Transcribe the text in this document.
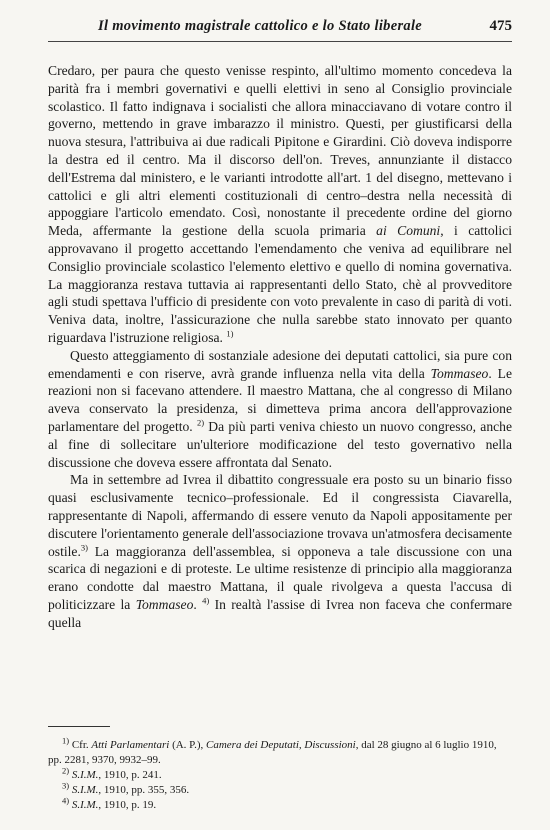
Il movimento magistrale cattolico e lo Stato liberale	475

Credaro, per paura che questo venisse respinto, all'ultimo momento concedeva la parità fra i membri governativi e quelli elettivi in seno al Consiglio provinciale scolastico. Il fatto indignava i socialisti che allora minacciavano di votare contro il governo, mettendo in grave imbarazzo il ministro. Questi, per giustificarsi della nuova stesura, l'attribuiva ai due radicali Pipitone e Girardini. Ciò doveva indisporre la destra ed il centro. Ma il discorso dell'on. Treves, annunziante il distacco dell'Estrema dal ministero, e le varianti introdotte all'art. 1 del disegno, mettevano i cattolici e gli altri elementi costituzionali di centro–destra nella necessità di appoggiare l'articolo emendato. Così, nonostante il precedente ordine del giorno Meda, affermante la gestione della scuola primaria ai Comuni, i cattolici approvavano il progetto accettando l'emendamento che veniva ad equilibrare nel Consiglio provinciale scolastico l'elemento elettivo e quello di nomina governativa. La maggioranza restava tuttavia ai rappresentanti dello Stato, chè al provveditore agli studi spettava l'ufficio di presidente con voto prevalente in caso di parità di voti. Veniva data, inoltre, l'assicurazione che nulla sarebbe stato innovato per quanto riguardava l'istruzione religiosa. $^{1)}$

Questo atteggiamento di sostanziale adesione dei deputati cattolici, sia pure con emendamenti e con riserve, avrà grande influenza nella vita della Tommaseo. Le reazioni non si facevano attendere. Il maestro Mattana, che al congresso di Milano aveva conservato la presidenza, si dimetteva prima ancora dell'approvazione parlamentare del progetto. $^{2)}$ Da più parti veniva chiesto un nuovo congresso, anche al fine di sollecitare un'ulteriore modificazione del testo governativo nella discussione che doveva essere affrontata dal Senato.

Ma in settembre ad Ivrea il dibattito congressuale era posto su un binario fisso quasi esclusivamente tecnico–professionale. Ed il congressista Ciavarella, rappresentante di Napoli, affermando di essere venuto da Napoli appositamente per discutere l'orientamento generale dell'associazione trovava un'atmosfera decisamente ostile.$^{3)}$ La maggioranza dell'assemblea, si opponeva a tale discussione con una scarica di negazioni e di proteste. Le ultime resistenze di principio alla maggioranza erano condotte dal maestro Mattana, il quale rivolgeva a questa l'accusa di politicizzare la Tommaseo. $^{4)}$ In realtà l'assise di Ivrea non faceva che confermare quella

$^{1)}$ Cfr. Atti Parlamentari (A. P.), Camera dei Deputati, Discussioni, dal 28 giugno al 6 luglio 1910, pp. 2281, 9370, 9932–99.

$^{2)}$ S.I.M., 1910, p. 241.

$^{3)}$ S.I.M., 1910, pp. 355, 356.

$^{4)}$ S.I.M., 1910, p. 19.
